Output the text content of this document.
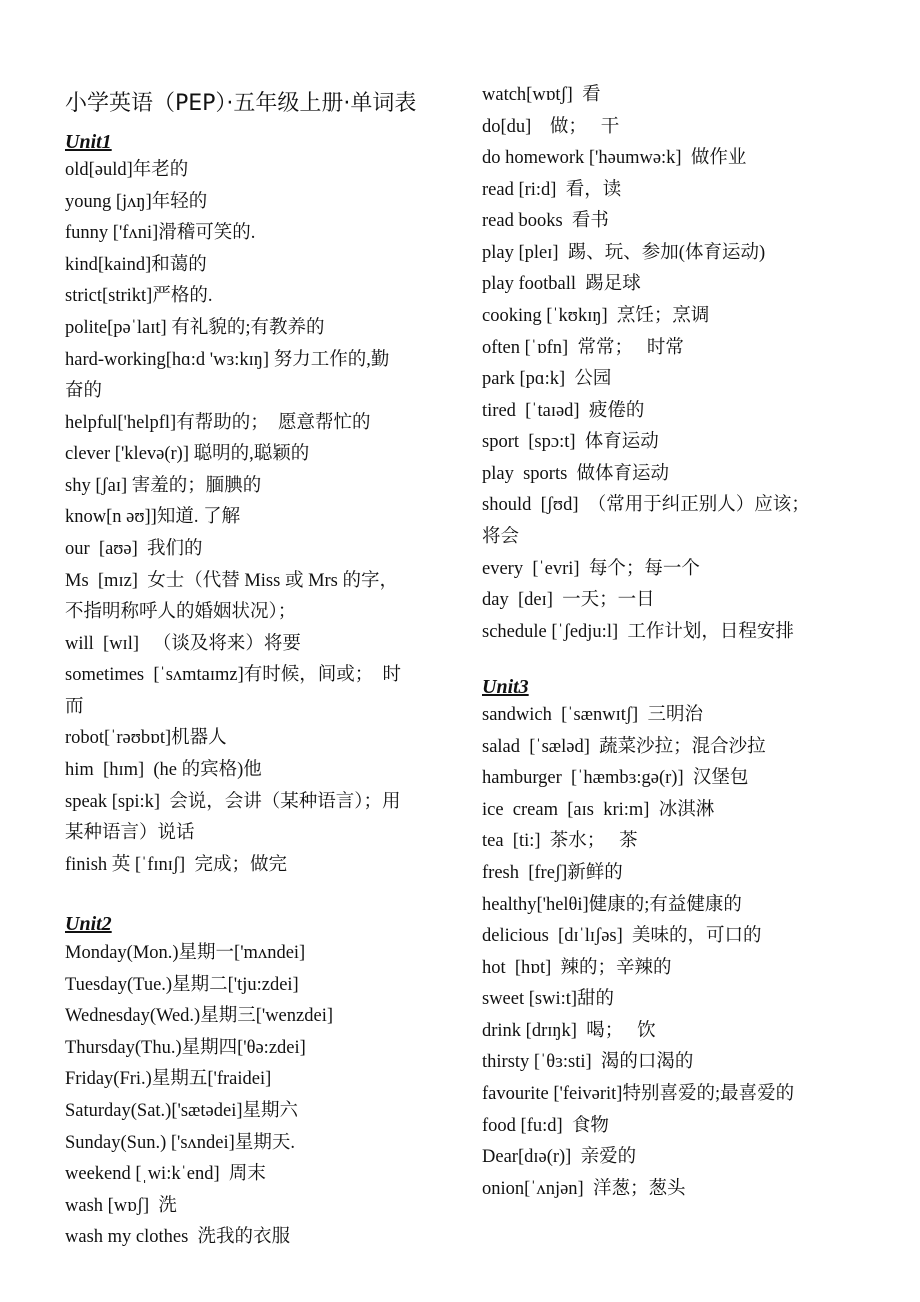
小学英语（PEP）·五年级上册·单词表
Unit1
old[əuld]年老的
young [jʌŋ]年轻的
funny ['fʌni]滑稽可笑的.
kind[kaind]和蔼的
strict[strikt]严格的.
polite[pəˈlaɪt] 有礼貌的;有教养的
hard-working[hɑ:d 'wɜ:kɪŋ] 努力工作的,勤
奋的
helpful['helpfl]有帮助的；  愿意帮忙的
clever ['klevə(r)] 聪明的,聪颖的
shy [ʃaɪ] 害羞的；腼腆的
know[n əʊ]]知道. 了解
our  [aʊə]  我们的
Ms  [mɪz]  女士（代替 Miss 或 Mrs 的字，
不指明称呼人的婚姻状况）；
will  [wɪl]   （谈及将来）将要
sometimes  [ˈsʌmtaɪmz]有时候，间或；  时
而
robot[ˈrəʊbɒt]机器人
him  [hɪm]  (he 的宾格)他
speak [spi:k]  会说，会讲（某种语言）；用
某种语言）说话
finish 英 [ˈfɪnɪʃ]  完成；做完
Unit2
Monday(Mon.)星期一['mʌndei]
Tuesday(Tue.)星期二['tju:zdei]
Wednesday(Wed.)星期三['wenzdei]
Thursday(Thu.)星期四['θə:zdei]
Friday(Fri.)星期五['fraidei]
Saturday(Sat.)['sætədei]星期六
Sunday(Sun.) ['sʌndei]星期天.
weekend [ˌwi:kˈend]  周末
wash [wɒʃ]  洗
wash my clothes  洗我的衣服
watch[wɒtʃ]  看
do[du]    做；   干
do homework ['həumwə:k]  做作业
read [ri:d]  看，读
read books  看书
play [pleɪ]  踢、玩、参加(体育运动)
play football  踢足球
cooking [ˈkʊkɪŋ]  烹饪；烹调
often [ˈɒfn]  常常；   时常
park [pɑ:k]  公园
tired  [ˈtaɪəd]  疲倦的
sport  [spɔ:t]  体育运动
play  sports  做体育运动
should  [ʃʊd]  （常用于纠正别人）应该；
将会
every  [ˈevri]  每个；每一个
day  [deɪ]  一天；一日
schedule [ˈʃedju:l]  工作计划，日程安排
Unit3
sandwich  [ˈsænwɪtʃ]  三明治
salad  [ˈsæləd]  蔬菜沙拉；混合沙拉
hamburger  [ˈhæmbɜ:gə(r)]  汉堡包
ice  cream  [aɪs  kri:m]  冰淇淋
tea  [ti:]  茶水；   茶
fresh  [freʃ]新鲜的
healthy['helθi]健康的;有益健康的
delicious  [dɪˈlɪʃəs]  美味的，可口的
hot  [hɒt]  辣的；辛辣的
sweet [swi:t]甜的
drink [drɪŋk]  喝；   饮
thirsty [ˈθɜ:sti]  渴的口渴的
favourite ['feivərit]特别喜爱的;最喜爱的
food [fu:d]  食物
Dear[dɪə(r)]  亲爱的
onion[ˈʌnjən]  洋葱；葱头
